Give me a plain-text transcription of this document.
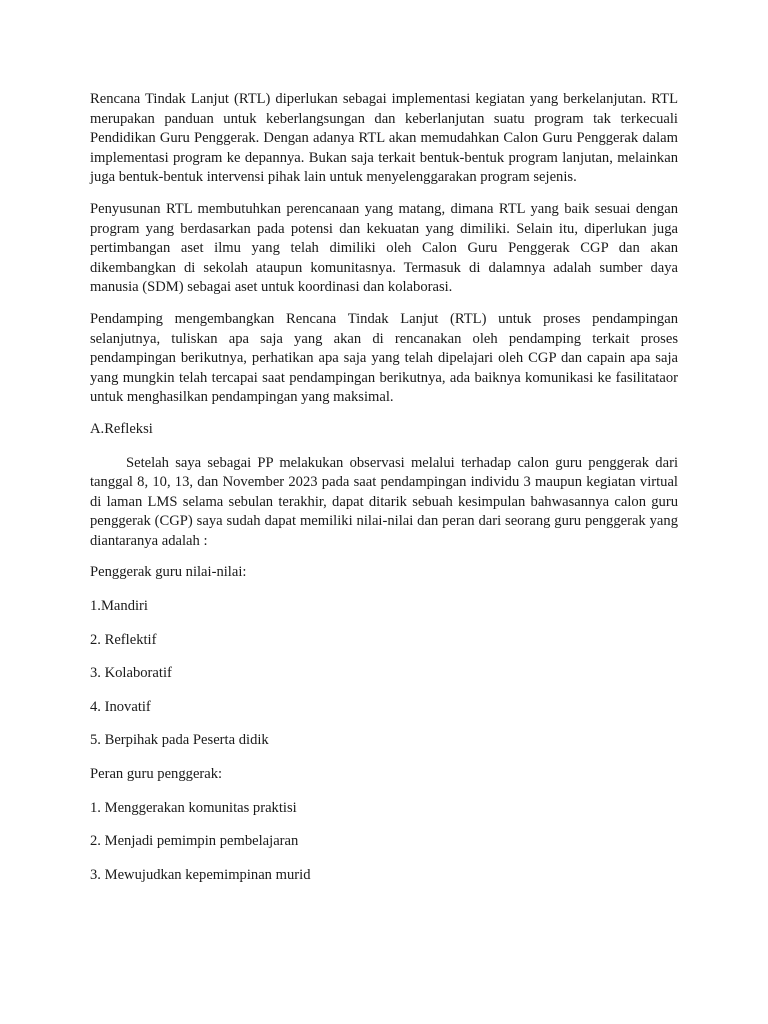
Rencana Tindak Lanjut (RTL) diperlukan sebagai implementasi kegiatan yang berkelanjutan. RTL merupakan panduan untuk keberlangsungan dan keberlanjutan suatu program tak terkecuali Pendidikan Guru Penggerak. Dengan adanya RTL akan memudahkan Calon Guru Penggerak dalam implementasi program ke depannya. Bukan saja terkait bentuk-bentuk program lanjutan, melainkan juga bentuk-bentuk intervensi pihak lain untuk menyelenggarakan program sejenis.

Penyusunan RTL membutuhkan perencanaan yang matang, dimana RTL yang baik sesuai dengan program yang berdasarkan pada potensi dan kekuatan yang dimiliki. Selain itu, diperlukan juga pertimbangan aset ilmu yang telah dimiliki oleh Calon Guru Penggerak CGP dan akan dikembangkan di sekolah ataupun komunitasnya. Termasuk di dalamnya adalah sumber daya manusia (SDM) sebagai aset untuk koordinasi dan kolaborasi.

Pendamping mengembangkan Rencana Tindak Lanjut (RTL) untuk proses pendampingan selanjutnya, tuliskan apa saja yang akan di rencanakan oleh pendamping terkait proses pendampingan berikutnya, perhatikan apa saja yang telah dipelajari oleh CGP dan capain apa saja yang mungkin telah tercapai saat pendampingan berikutnya, ada baiknya komunikasi ke fasilitataor untuk menghasilkan pendampingan yang maksimal.

A.Refleksi

Setelah saya sebagai PP melakukan observasi melalui terhadap calon guru penggerak dari tanggal 8, 10, 13, dan November 2023 pada saat pendampingan individu 3 maupun kegiatan virtual di laman LMS selama sebulan terakhir, dapat ditarik sebuah kesimpulan bahwasannya calon guru penggerak (CGP) saya sudah dapat memiliki nilai-nilai dan peran dari seorang guru penggerak yang diantaranya adalah :

Penggerak guru nilai-nilai:

1.Mandiri
2. Reflektif
3. Kolaboratif
4. Inovatif
5. Berpihak pada Peserta didik

Peran guru penggerak:

1. Menggerakan komunitas praktisi
2. Menjadi pemimpin pembelajaran
3. Mewujudkan kepemimpinan murid
